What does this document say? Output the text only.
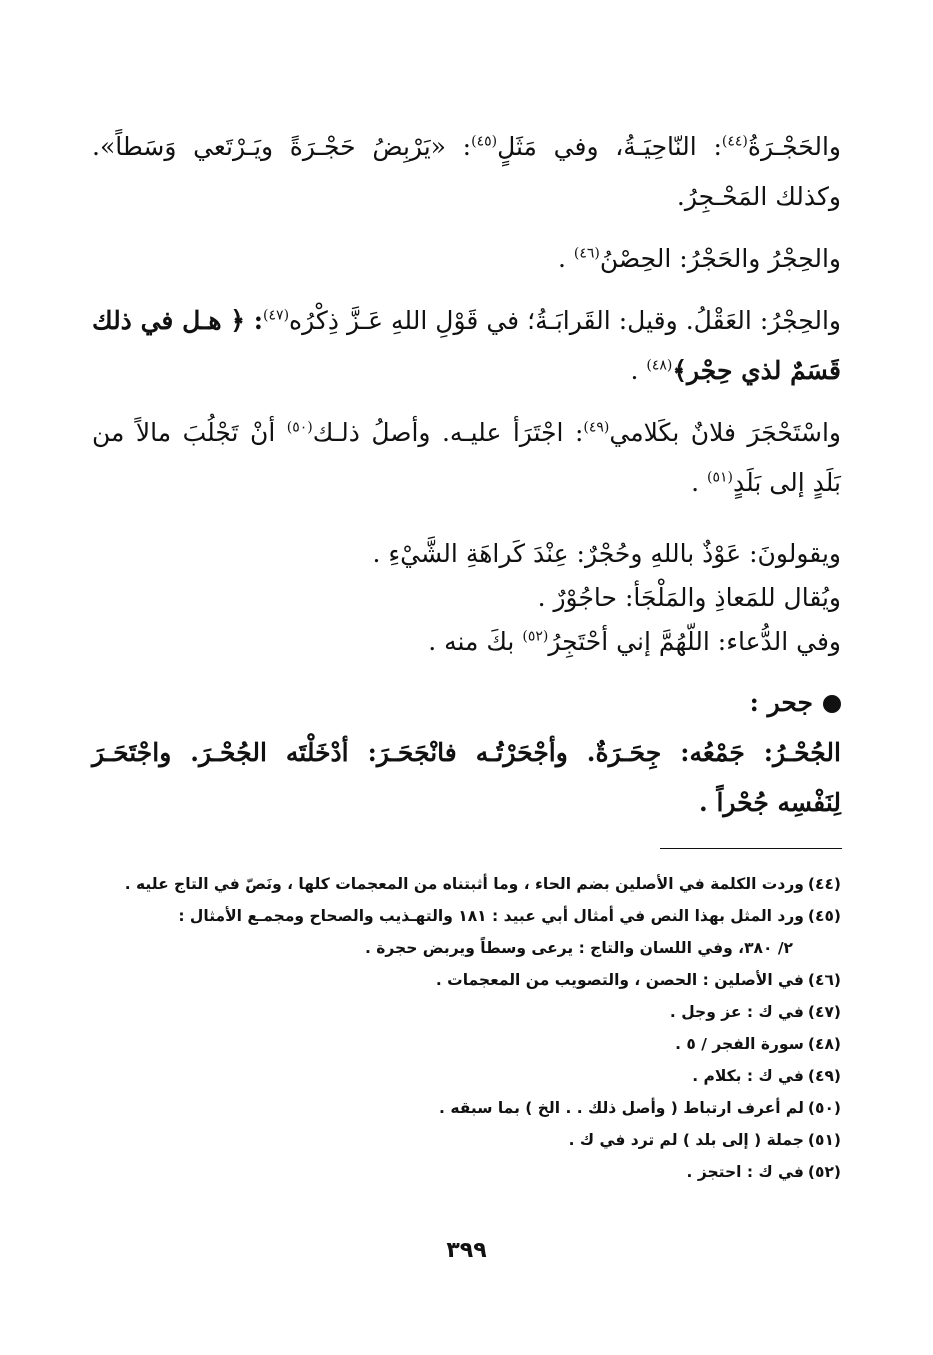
والحَجْـرَةُ$^{(٤٤)}$: النّاحِيَـةُ، وفي مَثَلٍ$^{(٤٥)}$: «يَرْبِضُ حَجْـرَةً ويَـرْتَعي وَسَطاً». وكذلك المَحْـجِرُ.

والحِجْرُ والحَجْرُ: الحِصْنُ$^{(٤٦)}$ .

والحِجْرُ: العَقْلُ. وقيل: القَرابَـةُ؛ في قَوْلِ اللهِ عَـزَّ ذِكْرُه$^{(٤٧)}$: ﴿ هـل في ذلك قَسَمٌ لذي حِجْر﴾$^{(٤٨)}$ .

واسْتَحْجَرَ فلانٌ بكَلامي$^{(٤٩)}$: اجْتَرَأ عليـه. وأصلُ ذلـك$^{(٥٠)}$ أنْ تَجْلُبَ مالاً من بَلَدٍ إلى بَلَدٍ$^{(٥١)}$ .

ويقولونَ: عَوْذٌ باللهِ وحُجْرٌ: عِنْدَ كَراهَةِ الشَّيْءِ .

ويُقال للمَعاذِ والمَلْجَأ: حاجُوْرٌ .

وفي الدُّعاء: اللّهُمَّ إني أحْتَجِرُ$^{(٥٢)}$ بكَ منه .

جحر :

الجُحْـرُ: جَمْعُه: جِحَـرَةٌ. وأجْحَرْتُـه فانْجَحَـرَ: أدْخَلْتَه الجُحْـرَ. واجْتَحَـرَ لِنَفْسِه جُحْراً .

(٤٤)وردت الكلمة في الأصلين بضم الحاء ، وما أثبتناه من المعجمات كلها ، ونَصّ في التاج عليه .

(٤٥)ورد المثل بهذا النص في أمثال أبي عبيد : ١٨١ والتهـذيب والصحاح ومجمـع الأمثال :

٢/ ٣٨٠، وفي اللسان والتاج : يرعى وسطاً ويربض حجرة .

(٤٦)في الأصلين : الحصن ، والتصويب من المعجمات .

(٤٧)في ك : عز وجل .

(٤٨)سورة الفجر / ٥ .

(٤٩)في ك : بكلام .

(٥٠)لم أعرف ارتباط ( وأصل ذلك . . الخ ) بما سبقه .

(٥١)جملة ( إلى بلد ) لم ترد في ك .

(٥٢)في ك : احتجز .

٣٩٩
